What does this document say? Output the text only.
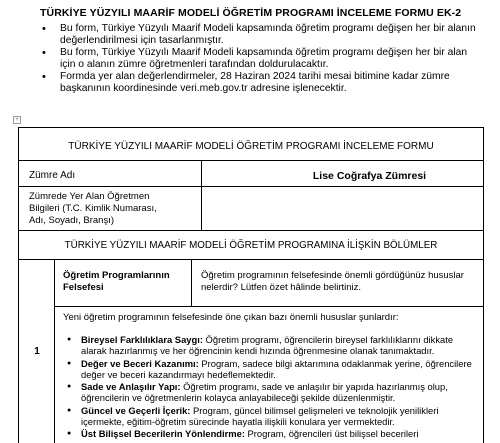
TÜRKİYE YÜZYILI MAARİF MODELİ ÖĞRETİM PROGRAMI İNCELEME FORMU EK-2
• Bu form, Türkiye Yüzyılı Maarif Modeli kapsamında öğretim programı değişen her bir alanın değerlendirilmesi için tasarlanmıştır.
• Bu form, Türkiye Yüzyılı Maarif Modeli kapsamında öğretim programı değişen her bir alan için o alanın zümre öğretmenleri tarafından doldurulacaktır.
• Formda yer alan değerlendirmeler, 28 Haziran 2024 tarihi mesai bitimine kadar zümre başkanının koordinesinde veri.meb.gov.tr adresine işlenecektir.
+
TÜRKİYE YÜZYILI MAARİF MODELİ ÖĞRETİM PROGRAMI İNCELEME FORMU
Zümre Adı	Lise Coğrafya Zümresi
Zümrede Yer Alan Öğretmen Bilgileri (T.C. Kimlik Numarası, Adı, Soyadı, Branşı)
TÜRKİYE YÜZYILI MAARİF MODELİ ÖĞRETİM PROGRAMINA İLİŞKİN BÖLÜMLER
1
Öğretim Programlarının Felsefesi
Öğretim programının felsefesinde önemli gördüğünüz hususlar nelerdir? Lütfen özet hâlinde belirtiniz.
Yeni öğretim programının felsefesinde öne çıkan bazı önemli hususlar şunlardır:
● Bireysel Farklılıklara Saygı: Öğretim programı, öğrencilerin bireysel farklılıklarını dikkate alarak hazırlanmış ve her öğrencinin kendi hızında öğrenmesine olanak tanımaktadır.
● Değer ve Beceri Kazanımı: Program, sadece bilgi aktarımına odaklanmak yerine, öğrencilere değer ve beceri kazandırmayı hedeflemektedir.
● Sade ve Anlaşılır Yapı: Öğretim programı, sade ve anlaşılır bir yapıda hazırlanmış olup, öğrencilerin ve öğretmenlerin kolayca anlayabileceği şekilde düzenlenmiştir.
● Güncel ve Geçerli İçerik: Program, güncel bilimsel gelişmeleri ve teknolojik yenilikleri içermekte, eğitim-öğretim sürecinde hayatla ilişkili konulara yer vermektedir.
● Üst Bilişsel Becerilerin Yönlendirme: Program, öğrencileri üst bilişsel becerileri
